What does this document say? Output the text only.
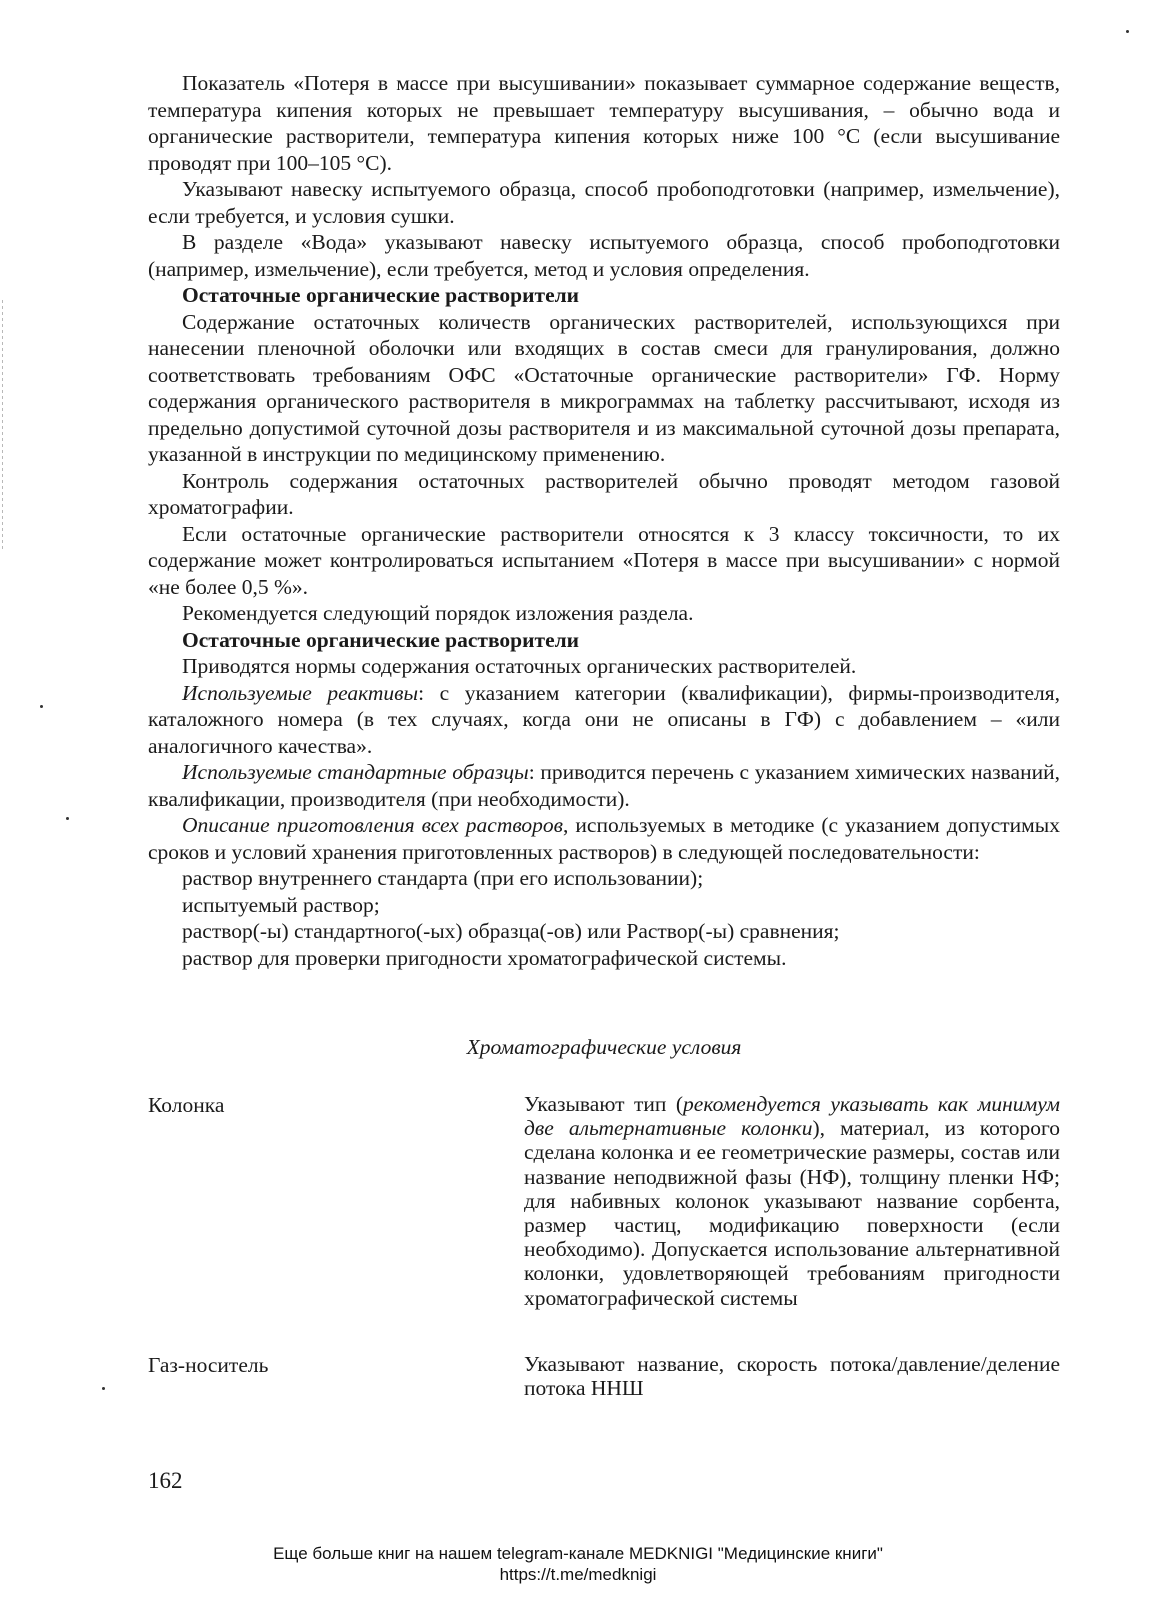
Показатель «Потеря в массе при высушивании» показывает суммарное содержание веществ, температура кипения которых не превышает температуру высушивания, – обычно вода и органические растворители, температура кипения которых ниже 100 °C (если высушивание проводят при 100–105 °C).

Указывают навеску испытуемого образца, способ пробоподготовки (например, измельчение), если требуется, и условия сушки.

В разделе «Вода» указывают навеску испытуемого образца, способ пробоподготовки (например, измельчение), если требуется, метод и условия определения.

Остаточные органические растворители

Содержание остаточных количеств органических растворителей, использующихся при нанесении пленочной оболочки или входящих в состав смеси для гранулирования, должно соответствовать требованиям ОФС «Остаточные органические растворители» ГФ. Норму содержания органического растворителя в микрограммах на таблетку рассчитывают, исходя из предельно допустимой суточной дозы растворителя и из максимальной суточной дозы препарата, указанной в инструкции по медицинскому применению.

Контроль содержания остаточных растворителей обычно проводят методом газовой хроматографии.

Если остаточные органические растворители относятся к 3 классу токсичности, то их содержание может контролироваться испытанием «Потеря в массе при высушивании» с нормой «не более 0,5 %».

Рекомендуется следующий порядок изложения раздела.

Остаточные органические растворители

Приводятся нормы содержания остаточных органических растворителей.

Используемые реактивы: с указанием категории (квалификации), фирмы-производителя, каталожного номера (в тех случаях, когда они не описаны в ГФ) с добавлением – «или аналогичного качества».

Используемые стандартные образцы: приводится перечень с указанием химических названий, квалификации, производителя (при необходимости).

Описание приготовления всех растворов, используемых в методике (с указанием допустимых сроков и условий хранения приготовленных растворов) в следующей последовательности:

раствор внутреннего стандарта (при его использовании);

испытуемый раствор;

раствор(-ы) стандартного(-ых) образца(-ов) или Раствор(-ы) сравнения;

раствор для проверки пригодности хроматографической системы.

Хроматографические условия
Колонка	Указывают тип (рекомендуется указывать как минимум две альтернативные колонки), материал, из которого сделана колонка и ее геометрические размеры, состав или название неподвижной фазы (НФ), толщину пленки НФ; для набивных колонок указывают название сорбента, размер частиц, модификацию поверхности (если необходимо). Допускается использование альтернативной колонки, удовлетворяющей требованиям пригодности хроматографической системы
Газ-носитель	Указывают название, скорость потока/давление/деление потока ННШ
162
Еще больше книг на нашем telegram-канале MEDKNIGI "Медицинские книги"
https://t.me/medknigi
